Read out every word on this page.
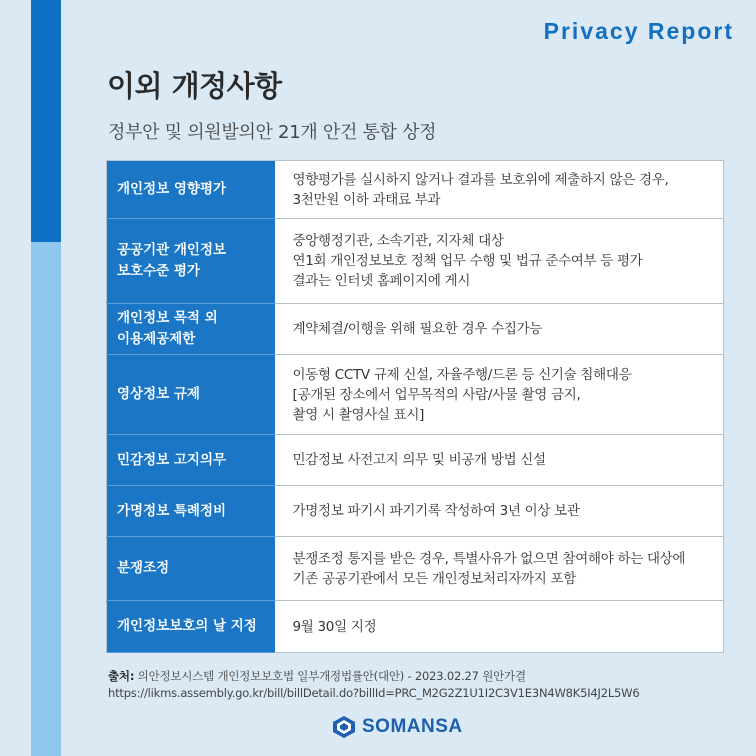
Privacy Report
이외 개정사항
정부안 및 의원발의안 21개 안건 통합 상정
개인정보 영향평가	영향평가를 실시하지 않거나 결과를 보호위에 제출하지 않은 경우,
3천만원 이하 과태료 부과

공공기관 개인정보
보호수준 평가	중앙행정기관, 소속기관, 지자체 대상
연1회 개인정보보호 정책 업무 수행 및 법규 준수여부 등 평가
결과는 인터넷 홈페이지에 게시

개인정보 목적 외
이용제공제한	계약체결/이행을 위해 필요한 경우 수집가능

영상정보 규제	이동형 CCTV 규제 신설, 자율주행/드론 등 신기술 침해대응
[공개된 장소에서 업무목적의 사람/사물 촬영 금지,
촬영 시 촬영사실 표시]

민감정보 고지의무	민감정보 사전고지 의무 및 비공개 방법 신설

가명정보 특례정비	가명정보 파기시 파기기록 작성하여 3년 이상 보관

분쟁조정	분쟁조정 통지를 받은 경우, 특별사유가 없으면 참여해야 하는 대상에
기존 공공기관에서 모든 개인정보처리자까지 포함

개인정보보호의 날 지정	9월 30일 지정
출처: 의안정보시스템 개인정보보호법 일부개정법률안(대안) - 2023.02.27 원안가결
https://likms.assembly.go.kr/bill/billDetail.do?billId=PRC_M2G2Z1U1I2C3V1E3N4W8K5I4J2L5W6
SOMANSA
